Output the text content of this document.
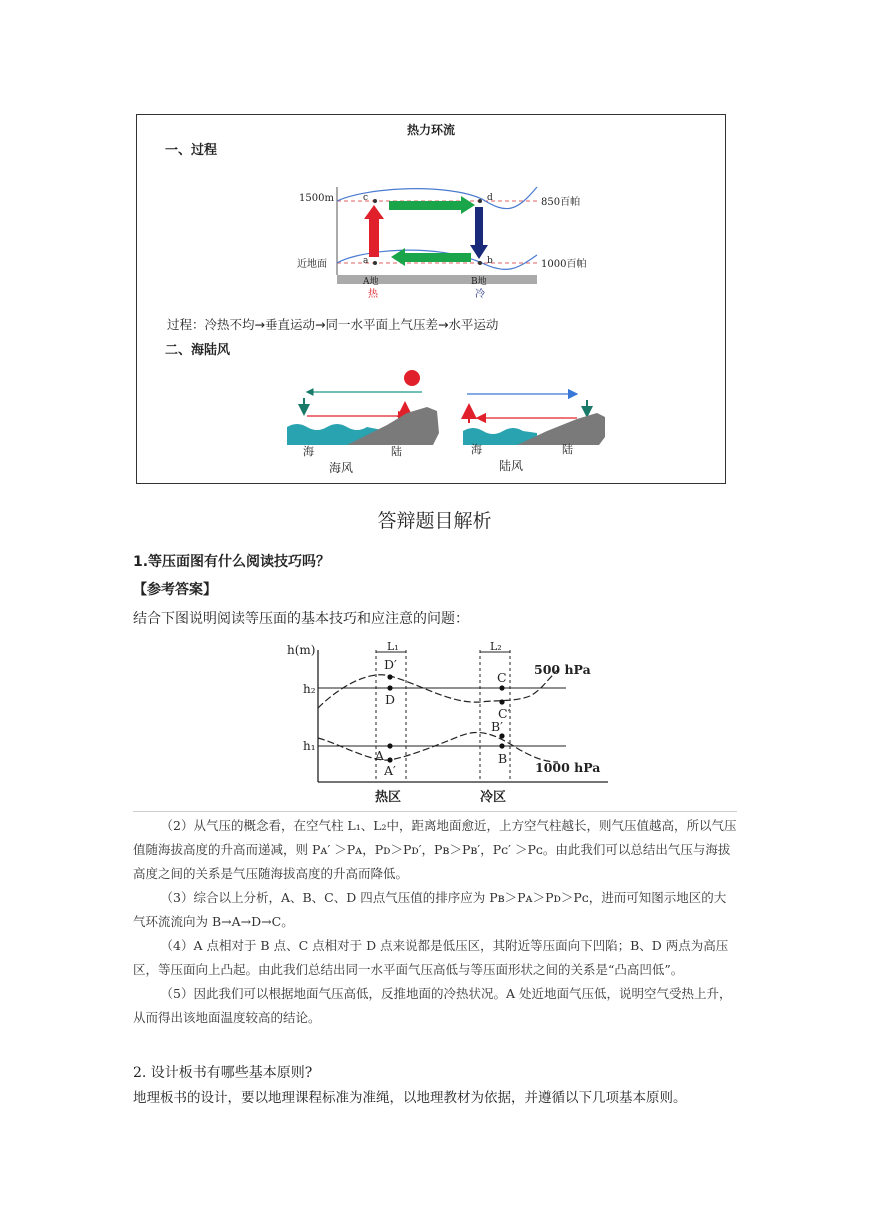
热力环流
一、过程
1500m
近地面
850百帕
1000百帕
c	d
a	b
A地	B地
热	冷
过程：冷热不均→垂直运动→同一水平面上气压差→水平运动
二、海陆风
海	陆
海风
海	陆
陆风
答辩题目解析
1.等压面图有什么阅读技巧吗？
【参考答案】
结合下图说明阅读等压面的基本技巧和应注意的问题：
h(m)
h₂
h₁
L₁	L₂
D′
D
C
C′
B′
B
A
A′
500 hPa
1000 hPa
热区	冷区
（2）从气压的概念看，在空气柱 L₁、L₂中，距离地面愈近，上方空气柱越长，则气压值越高，所以气压值随海拔高度的升高而递减，则 Pᴀ′ ＞Pᴀ，Pᴅ＞Pᴅ′，Pʙ＞Pʙ′，Pᴄ′ ＞Pᴄ。由此我们可以总结出气压与海拔高度之间的关系是气压随海拔高度的升高而降低。
（3）综合以上分析，A、B、C、D 四点气压值的排序应为 Pʙ＞Pᴀ＞Pᴅ＞Pᴄ，进而可知图示地区的大气环流流向为 B→A→D→C。
（4）A 点相对于 B 点、C 点相对于 D 点来说都是低压区，其附近等压面向下凹陷；B、D 两点为高压区，等压面向上凸起。由此我们总结出同一水平面气压高低与等压面形状之间的关系是“凸高凹低”。
（5）因此我们可以根据地面气压高低，反推地面的冷热状况。A 处近地面气压低，说明空气受热上升，从而得出该地面温度较高的结论。
2. 设计板书有哪些基本原则?
地理板书的设计，要以地理课程标准为准绳，以地理教材为依据，并遵循以下几项基本原则。
